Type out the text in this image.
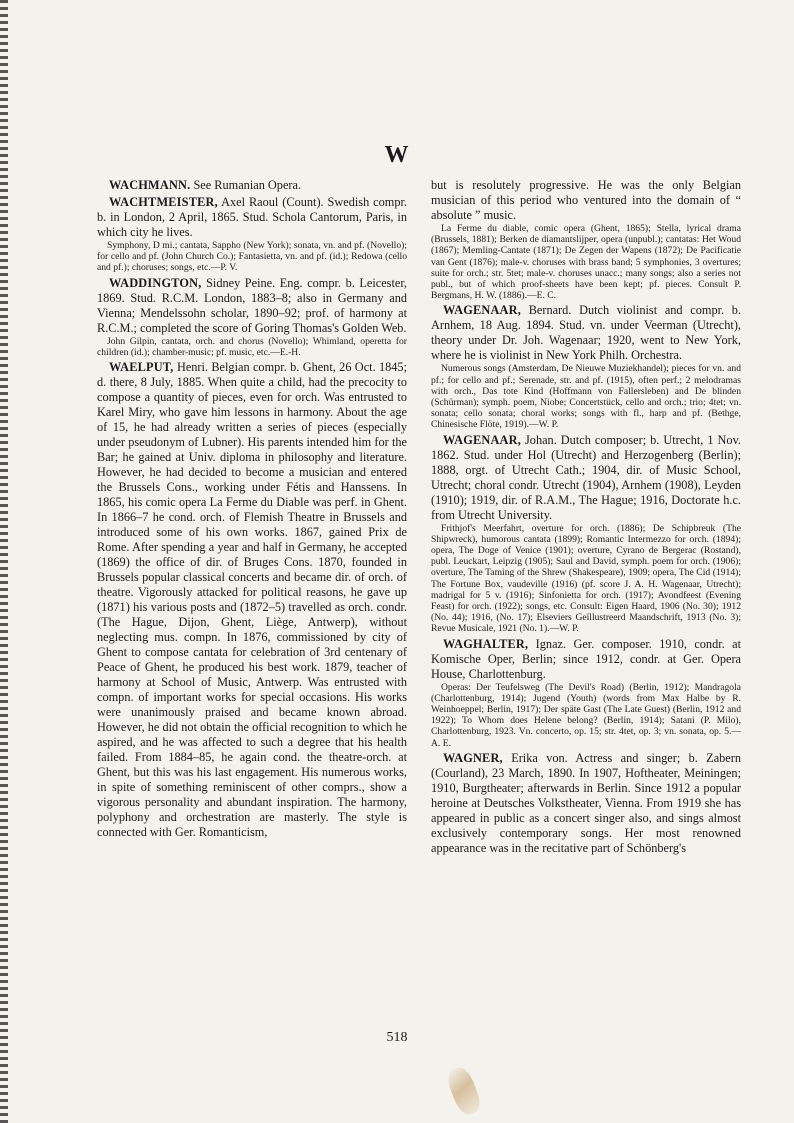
W

WACHMANN. See Rumanian Opera.

WACHTMEISTER, Axel Raoul (Count). Swedish compr. b. in London, 2 April, 1865. Stud. Schola Cantorum, Paris, in which city he lives.

Symphony, D mi.; cantata, Sappho (New York); sonata, vn. and pf. (Novello); for cello and pf. (John Church Co.); Fantasietta, vn. and pf. (id.); Redowa (cello and pf.); choruses; songs, etc.—P. V.

WADDINGTON, Sidney Peine. Eng. compr. b. Leicester, 1869. Stud. R.C.M. London, 1883–8; also in Germany and Vienna; Mendelssohn scholar, 1890–92; prof. of harmony at R.C.M.; completed the score of Goring Thomas's Golden Web.

John Gilpin, cantata, orch. and chorus (Novello); Whimland, operetta for children (id.); chamber-music; pf. music, etc.—E.-H.

WAELPUT, Henri. Belgian compr. b. Ghent, 26 Oct. 1845; d. there, 8 July, 1885. When quite a child, had the precocity to compose a quantity of pieces, even for orch. Was entrusted to Karel Miry, who gave him lessons in harmony. About the age of 15, he had already written a series of pieces (especially under pseudonym of Lubner). His parents intended him for the Bar; he gained at Univ. diploma in philosophy and literature. However, he had decided to become a musician and entered the Brussels Cons., working under Fétis and Hanssens. In 1865, his comic opera La Ferme du Diable was perf. in Ghent. In 1866–7 he cond. orch. of Flemish Theatre in Brussels and introduced some of his own works. 1867, gained Prix de Rome. After spending a year and half in Germany, he accepted (1869) the office of dir. of Bruges Cons. 1870, founded in Brussels popular classical concerts and became dir. of orch. of theatre. Vigorously attacked for political reasons, he gave up (1871) his various posts and (1872–5) travelled as orch. condr. (The Hague, Dijon, Ghent, Liège, Antwerp), without neglecting mus. compn. In 1876, commissioned by city of Ghent to compose cantata for celebration of 3rd centenary of Peace of Ghent, he produced his best work. 1879, teacher of harmony at School of Music, Antwerp. Was entrusted with compn. of important works for special occasions. His works were unanimously praised and became known abroad. However, he did not obtain the official recognition to which he aspired, and he was affected to such a degree that his health failed. From 1884–85, he again cond. the theatre-orch. at Ghent, but this was his last engagement. His numerous works, in spite of something reminiscent of other comprs., show a vigorous personality and abundant inspiration. The harmony, polyphony and orchestration are masterly. The style is connected with Ger. Romanticism,

but is resolutely progressive. He was the only Belgian musician of this period who ventured into the domain of “ absolute ” music.

La Ferme du diable, comic opera (Ghent, 1865); Stella, lyrical drama (Brussels, 1881); Berken de diamantslijper, opera (unpubl.); cantatas: Het Woud (1867); Memling-Cantate (1871); De Zegen der Wapens (1872); De Pacificatie van Gent (1876); male-v. choruses with brass band; 5 symphonies, 3 overtures; suite for orch.; str. 5tet; male-v. choruses unacc.; many songs; also a series not publ., but of which proof-sheets have been kept; pf. pieces. Consult P. Bergmans, H. W. (1886).—E. C.

WAGENAAR, Bernard. Dutch violinist and compr. b. Arnhem, 18 Aug. 1894. Stud. vn. under Veerman (Utrecht), theory under Dr. Joh. Wagenaar; 1920, went to New York, where he is violinist in New York Philh. Orchestra.

Numerous songs (Amsterdam, De Nieuwe Muziekhandel); pieces for vn. and pf.; for cello and pf.; Serenade, str. and pf. (1915), often perf.; 2 melodramas with orch., Das tote Kind (Hoffmann von Fallersleben) and De blinden (Schürman); symph. poem, Niobe; Concertstück, cello and orch.; trio; 4tet; vn. sonata; cello sonata; choral works; songs with fl., harp and pf. (Bethge, Chinesische Flöte, 1919).—W. P.

WAGENAAR, Johan. Dutch composer; b. Utrecht, 1 Nov. 1862. Stud. under Hol (Utrecht) and Herzogenberg (Berlin); 1888, orgt. of Utrecht Cath.; 1904, dir. of Music School, Utrecht; choral condr. Utrecht (1904), Arnhem (1908), Leyden (1910); 1919, dir. of R.A.M., The Hague; 1916, Doctorate h.c. from Utrecht University.

Frithjof's Meerfahrt, overture for orch. (1886); De Schipbreuk (The Shipwreck), humorous cantata (1899); Romantic Intermezzo for orch. (1894); opera, The Doge of Venice (1901); overture, Cyrano de Bergerac (Rostand), publ. Leuckart, Leipzig (1905); Saul and David, symph. poem for orch. (1906); overture, The Taming of the Shrew (Shakespeare), 1909; opera, The Cid (1914); The Fortune Box, vaudeville (1916) (pf. score J. A. H. Wagenaar, Utrecht); madrigal for 5 v. (1916); Sinfonietta for orch. (1917); Avondfeest (Evening Feast) for orch. (1922); songs, etc. Consult: Eigen Haard, 1906 (No. 30); 1912 (No. 44); 1916, (No. 17); Elseviers Geïllustreerd Maandschrift, 1913 (No. 3); Revue Musicale, 1921 (No. 1).—W. P.

WAGHALTER, Ignaz. Ger. composer. 1910, condr. at Komische Oper, Berlin; since 1912, condr. at Ger. Opera House, Charlottenburg.

Operas: Der Teufelsweg (The Devil's Road) (Berlin, 1912); Mandragola (Charlottenburg, 1914); Jugend (Youth) (words from Max Halbe by R. Weinhoeppel; Berlin, 1917); Der späte Gast (The Late Guest) (Berlin, 1912 and 1922); To Whom does Helene belong? (Berlin, 1914); Satani (P. Milo), Charlottenburg, 1923. Vn. concerto, op. 15; str. 4tet, op. 3; vn. sonata, op. 5.—A. E.

WAGNER, Erika von. Actress and singer; b. Zabern (Courland), 23 March, 1890. In 1907, Hoftheater, Meiningen; 1910, Burgtheater; afterwards in Berlin. Since 1912 a popular heroine at Deutsches Volkstheater, Vienna. From 1919 she has appeared in public as a concert singer also, and sings almost exclusively contemporary songs. Her most renowned appearance was in the recitative part of Schönberg's

518
